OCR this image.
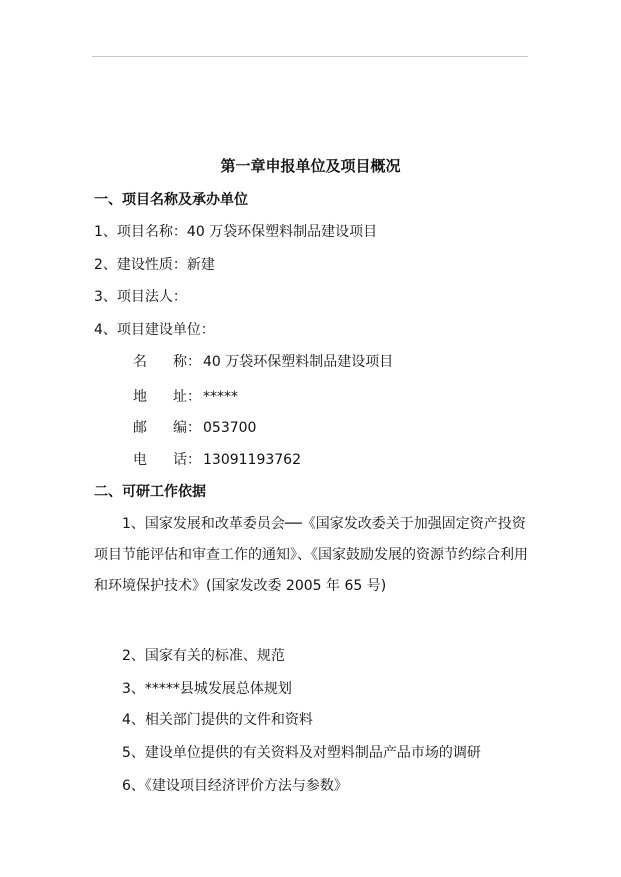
第一章申报单位及项目概况
一、项目名称及承办单位
1、项目名称：40 万袋环保塑料制品建设项目
2、建设性质：新建
3、项目法人：
4、项目建设单位：
名 称： 40 万袋环保塑料制品建设项目
地 址： *****
邮 编： 053700
电 话： 13091193762
二、可研工作依据
1、国家发展和改革委员会──《国家发改委关于加强固定资产投资项目节能评估和审查工作的通知》、《国家鼓励发展的资源节约综合利用和环境保护技术》(国家发改委 2005 年 65 号)
2、国家有关的标准、规范
3、*****县城发展总体规划
4、相关部门提供的文件和资料
5、建设单位提供的有关资料及对塑料制品产品市场的调研
6、《建设项目经济评价方法与参数》
